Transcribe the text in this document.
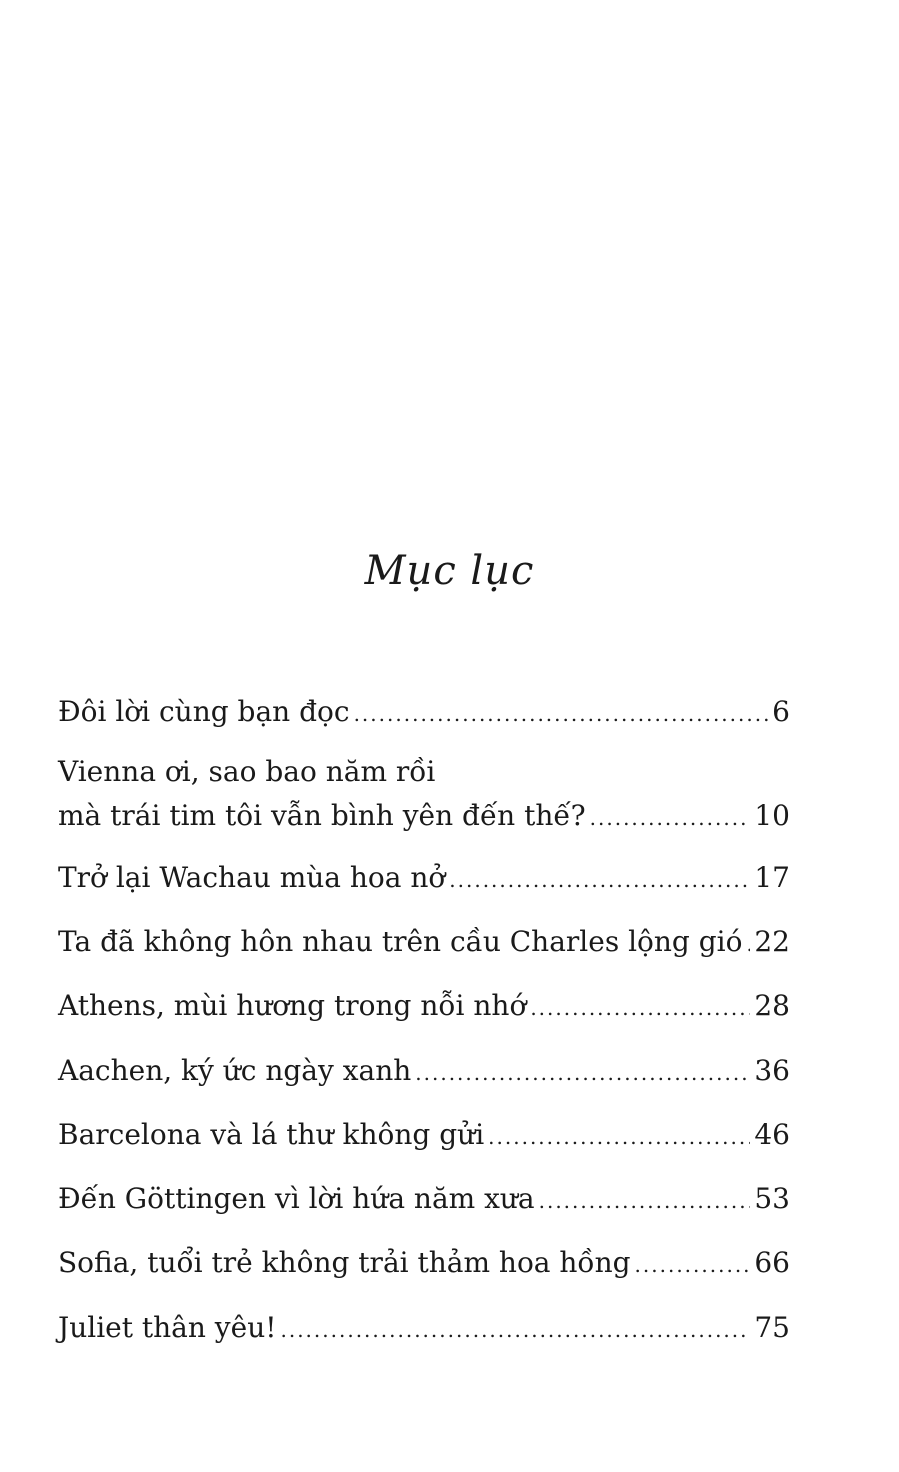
Mục lục
Đôi lời cùng bạn đọc .....	6
Vienna ơi, sao bao năm rồi
mà trái tim tôi vẫn bình yên đến thế? .....	10
Trở lại Wachau mùa hoa nở .....	17
Ta đã không hôn nhau trên cầu Charles lộng gió ..... 22
Athens, mùi hương trong nỗi nhớ .....	28
Aachen, ký ức ngày xanh .....	36
Barcelona và lá thư không gửi .....	46
Đến Göttingen vì lời hứa năm xưa .....	53
Sofia, tuổi trẻ không trải thảm hoa hồng .....	66
Juliet thân yêu! .....	75
